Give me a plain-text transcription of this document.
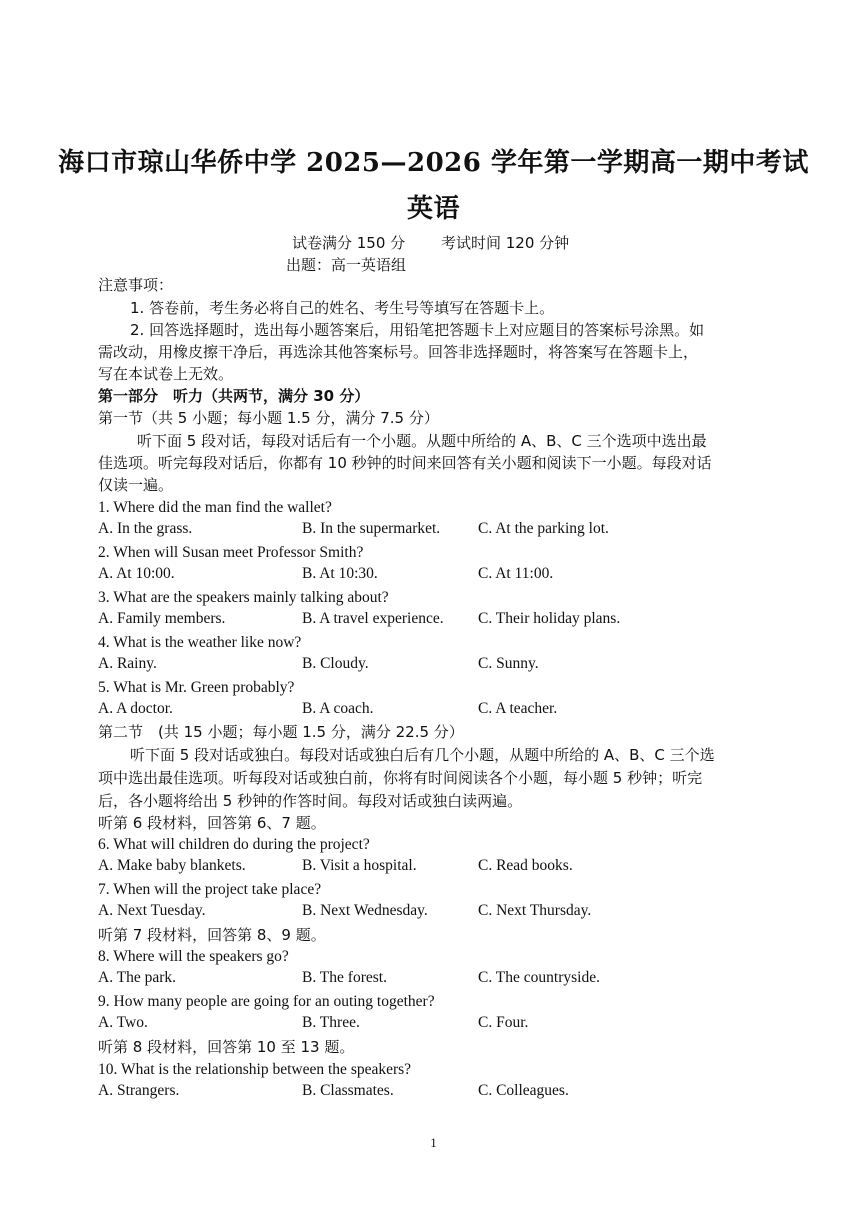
海口市琼山华侨中学 2025—2026 学年第一学期高一期中考试
英语
试卷满分 150 分 考试时间 120 分钟
出题：高一英语组
注意事项：
1. 答卷前，考生务必将自己的姓名、考生号等填写在答题卡上。
2. 回答选择题时，选出每小题答案后，用铅笔把答题卡上对应题目的答案标号涂黑。如
需改动，用橡皮擦干净后，再选涂其他答案标号。回答非选择题时，将答案写在答题卡上，
写在本试卷上无效。
第一部分　听力（共两节，满分 30 分）
第一节（共 5 小题；每小题 1.5 分，满分 7.5 分）
听下面 5 段对话，每段对话后有一个小题。从题中所给的 A、B、C 三个选项中选出最
佳选项。听完每段对话后，你都有 10 秒钟的时间来回答有关小题和阅读下一小题。每段对话
仅读一遍。
1. Where did the man find the wallet?
A. In the grass.	B. In the supermarket. C. At the parking lot.
2. When will Susan meet Professor Smith?
A. At 10:00.	B. At 10:30.	C. At 11:00.
3. What are the speakers mainly talking about?
A. Family members.	B. A travel experience. C. Their holiday plans.
4. What is the weather like now?
A. Rainy.	B. Cloudy.	C. Sunny.
5. What is Mr. Green probably?
A. A doctor.	B. A coach.	C. A teacher.
第二节　(共 15 小题；每小题 1.5 分，满分 22.5 分）
听下面 5 段对话或独白。每段对话或独白后有几个小题，从题中所给的 A、B、C 三个选
项中选出最佳选项。听每段对话或独白前，你将有时间阅读各个小题，每小题 5 秒钟；听完
后，各小题将给出 5 秒钟的作答时间。每段对话或独白读两遍。
听第 6 段材料，回答第 6、7 题。
6. What will children do during the project?
A. Make baby blankets.	B. Visit a hospital.	C. Read books.
7. When will the project take place?
A. Next Tuesday.	B. Next Wednesday.	C. Next Thursday.
听第 7 段材料，回答第 8、9 题。
8. Where will the speakers go?
A. The park.	B. The forest.	C. The countryside.
9. How many people are going for an outing together?
A. Two.	B. Three.	C. Four.
听第 8 段材料，回答第 10 至 13 题。
10. What is the relationship between the speakers?
A. Strangers.	B. Classmates.	C. Colleagues.
1
